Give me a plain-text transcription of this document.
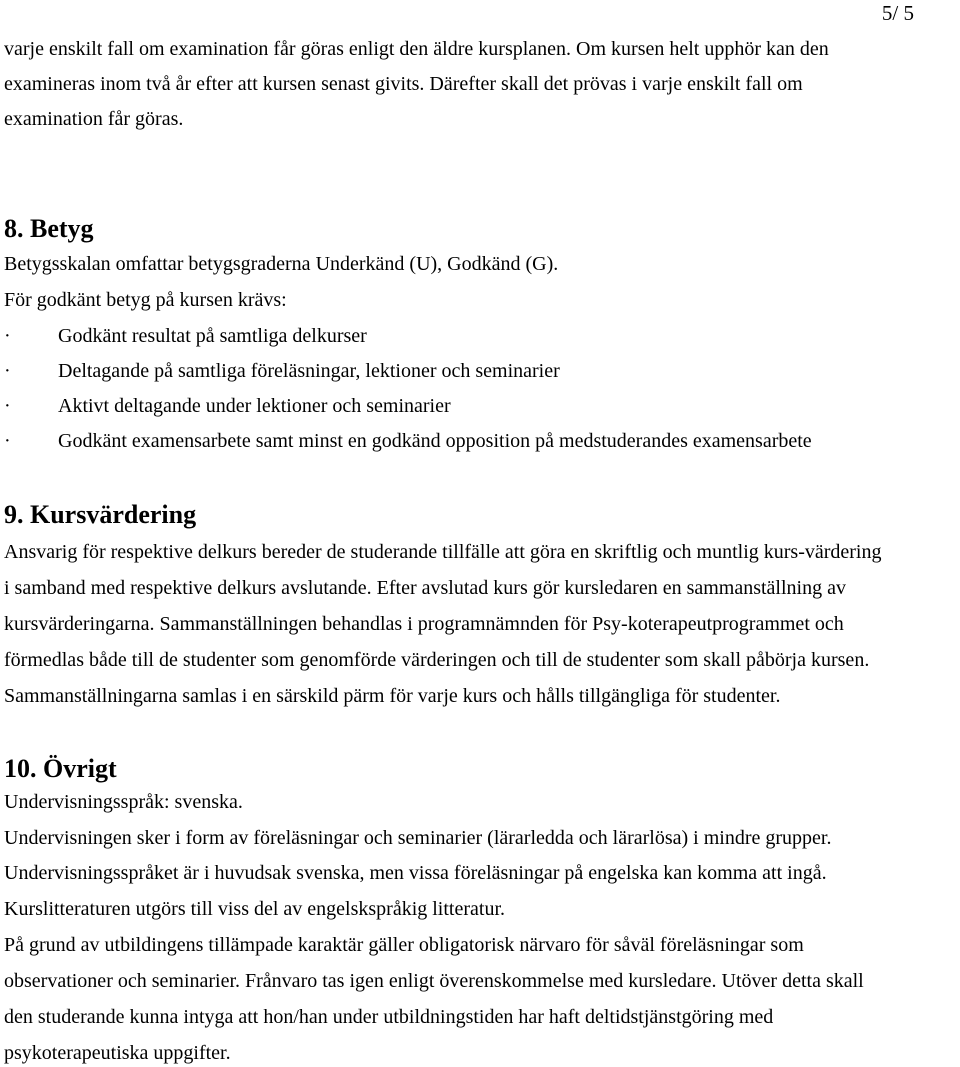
5/ 5
varje enskilt fall om examination får göras enligt den äldre kursplanen. Om kursen helt upphör kan den
examineras inom två år efter att kursen senast givits. Därefter skall det prövas i varje enskilt fall om
examination får göras.
8. Betyg
Betygsskalan omfattar betygsgraderna Underkänd (U), Godkänd (G).
För godkänt betyg på kursen krävs:
· Godkänt resultat på samtliga delkurser
· Deltagande på samtliga föreläsningar, lektioner och seminarier
· Aktivt deltagande under lektioner och seminarier
· Godkänt examensarbete samt minst en godkänd opposition på medstuderandes examensarbete
9. Kursvärdering
Ansvarig för respektive delkurs bereder de studerande tillfälle att göra en skriftlig och muntlig kurs-värdering
i samband med respektive delkurs avslutande. Efter avslutad kurs gör kursledaren en sammanställning av
kursvärderingarna. Sammanställningen behandlas i programnämnden för Psy-koterapeutprogrammet och
förmedlas både till de studenter som genomförde värderingen och till de studenter som skall påbörja kursen.
Sammanställningarna samlas i en särskild pärm för varje kurs och hålls tillgängliga för studenter.
10. Övrigt
Undervisningsspråk: svenska.
Undervisningen sker i form av föreläsningar och seminarier (lärarledda och lärarlösa) i mindre grupper.
Undervisningsspråket är i huvudsak svenska, men vissa föreläsningar på engelska kan komma att ingå.
Kurslitteraturen utgörs till viss del av engelskspråkig litteratur.
På grund av utbildingens tillämpade karaktär gäller obligatorisk närvaro för såväl föreläsningar som
observationer och seminarier. Frånvaro tas igen enligt överenskommelse med kursledare. Utöver detta skall
den studerande kunna intyga att hon/han under utbildningstiden har haft deltidstjänstgöring med
psykoterapeutiska uppgifter.
